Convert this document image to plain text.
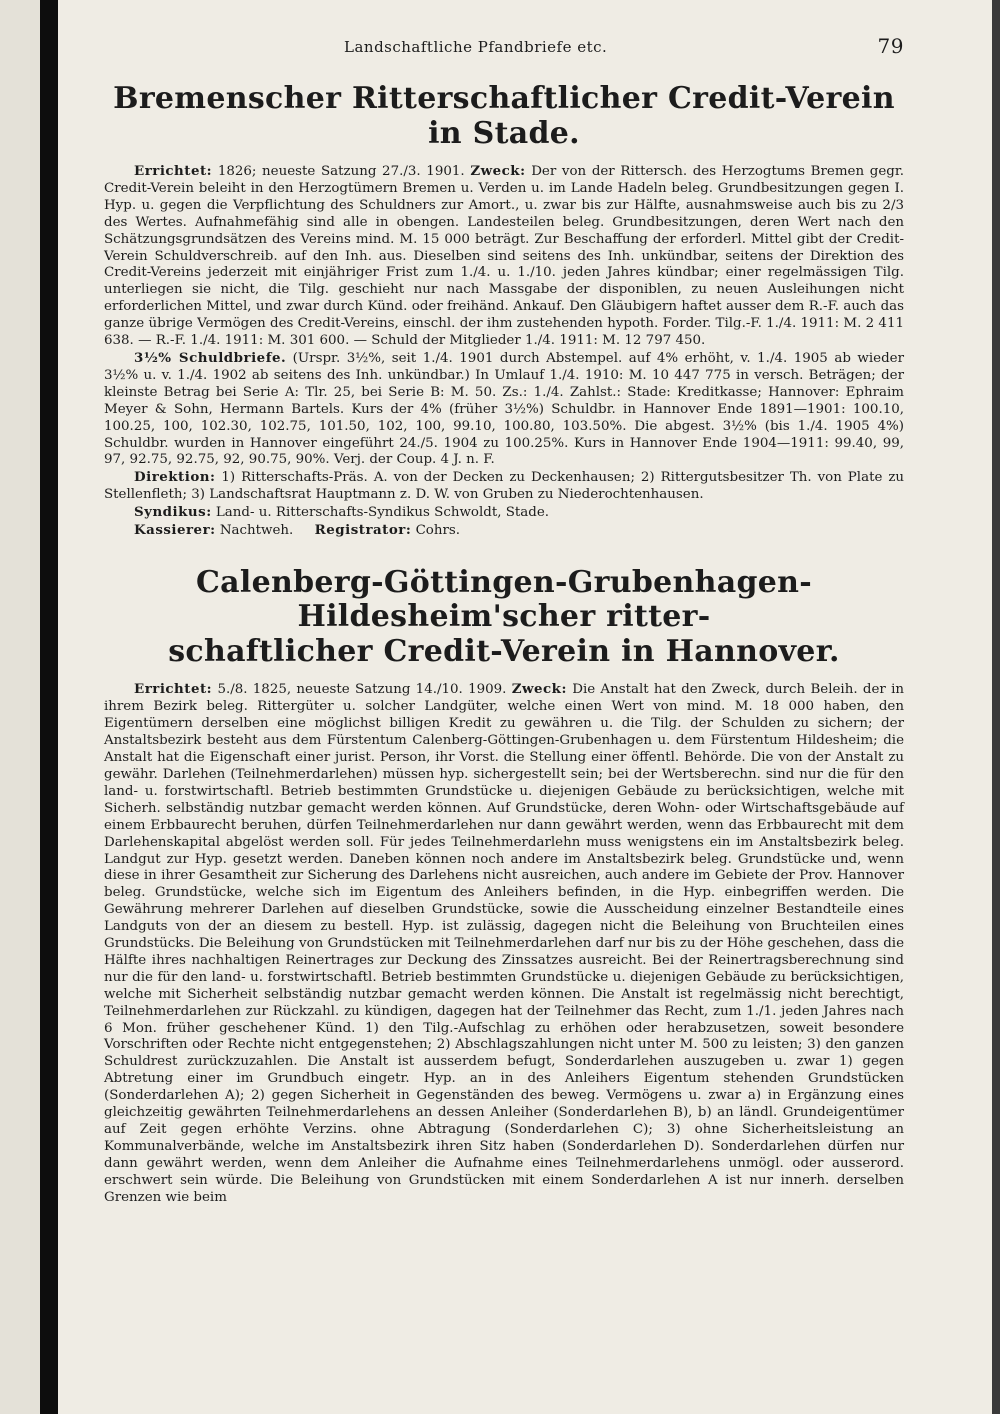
Landschaftliche Pfandbriefe etc.	79
Bremenscher Ritterschaftlicher Credit-Verein in Stade.

Errichtet: 1826; neueste Satzung 27./3. 1901. Zweck: Der von der Rittersch. des Herzogtums Bremen gegr. Credit-Verein beleiht in den Herzogtümern Bremen u. Verden u. im Lande Hadeln beleg. Grundbesitzungen gegen I. Hyp. u. gegen die Verpflichtung des Schuldners zur Amort., u. zwar bis zur Hälfte, ausnahmsweise auch bis zu 2/3 des Wertes. Aufnahmefähig sind alle in obengen. Landesteilen beleg. Grundbesitzungen, deren Wert nach den Schätzungsgrundsätzen des Vereins mind. M. 15 000 beträgt. Zur Beschaffung der erforderl. Mittel gibt der Credit-Verein Schuldverschreib. auf den Inh. aus. Dieselben sind seitens des Inh. unkündbar, seitens der Direktion des Credit-Vereins jederzeit mit einjähriger Frist zum 1./4. u. 1./10. jeden Jahres kündbar; einer regelmässigen Tilg. unterliegen sie nicht, die Tilg. geschieht nur nach Massgabe der disponiblen, zu neuen Ausleihungen nicht erforderlichen Mittel, und zwar durch Künd. oder freihänd. Ankauf. Den Gläubigern haftet ausser dem R.-F. auch das ganze übrige Vermögen des Credit-Vereins, einschl. der ihm zustehenden hypoth. Forder. Tilg.-F. 1./4. 1911: M. 2 411 638. — R.-F. 1./4. 1911: M. 301 600. — Schuld der Mitglieder 1./4. 1911: M. 12 797 450.

3½% Schuldbriefe. (Urspr. 3½%, seit 1./4. 1901 durch Abstempel. auf 4% erhöht, v. 1./4. 1905 ab wieder 3½% u. v. 1./4. 1902 ab seitens des Inh. unkündbar.) In Umlauf 1./4. 1910: M. 10 447 775 in versch. Beträgen; der kleinste Betrag bei Serie A: Tlr. 25, bei Serie B: M. 50. Zs.: 1./4. Zahlst.: Stade: Kreditkasse; Hannover: Ephraim Meyer & Sohn, Hermann Bartels. Kurs der 4% (früher 3½%) Schuldbr. in Hannover Ende 1891—1901: 100.10, 100.25, 100, 102.30, 102.75, 101.50, 102, 100, 99.10, 100.80, 103.50%. Die abgest. 3½% (bis 1./4. 1905 4%) Schuldbr. wurden in Hannover eingeführt 24./5. 1904 zu 100.25%. Kurs in Hannover Ende 1904—1911: 99.40, 99, 97, 92.75, 92.75, 92, 90.75, 90%. Verj. der Coup. 4 J. n. F.

Direktion: 1) Ritterschafts-Präs. A. von der Decken zu Deckenhausen; 2) Rittergutsbesitzer Th. von Plate zu Stellenfleth; 3) Landschaftsrat Hauptmann z. D. W. von Gruben zu Niederochtenhausen.

Syndikus: Land- u. Ritterschafts-Syndikus Schwoldt, Stade.
Kassierer: Nachtweh. Registrator: Cohrs.
Calenberg-Göttingen-Grubenhagen-Hildesheim'scher ritter-
schaftlicher Credit-Verein in Hannover.

Errichtet: 5./8. 1825, neueste Satzung 14./10. 1909. Zweck: Die Anstalt hat den Zweck, durch Beleih. der in ihrem Bezirk beleg. Rittergüter u. solcher Landgüter, welche einen Wert von mind. M. 18 000 haben, den Eigentümern derselben eine möglichst billigen Kredit zu gewähren u. die Tilg. der Schulden zu sichern; der Anstaltsbezirk besteht aus dem Fürstentum Calenberg-Göttingen-Grubenhagen u. dem Fürstentum Hildesheim; die Anstalt hat die Eigenschaft einer jurist. Person, ihr Vorst. die Stellung einer öffentl. Behörde. Die von der Anstalt zu gewähr. Darlehen (Teilnehmerdarlehen) müssen hyp. sichergestellt sein; bei der Wertsberechn. sind nur die für den land- u. forstwirtschaftl. Betrieb bestimmten Grundstücke u. diejenigen Gebäude zu berücksichtigen, welche mit Sicherh. selbständig nutzbar gemacht werden können. Auf Grundstücke, deren Wohn- oder Wirtschaftsgebäude auf einem Erbbaurecht beruhen, dürfen Teilnehmerdarlehen nur dann gewährt werden, wenn das Erbbaurecht mit dem Darlehenskapital abgelöst werden soll. Für jedes Teilnehmerdarlehn muss wenigstens ein im Anstaltsbezirk beleg. Landgut zur Hyp. gesetzt werden. Daneben können noch andere im Anstaltsbezirk beleg. Grundstücke und, wenn diese in ihrer Gesamtheit zur Sicherung des Darlehens nicht ausreichen, auch andere im Gebiete der Prov. Hannover beleg. Grundstücke, welche sich im Eigentum des Anleihers befinden, in die Hyp. einbegriffen werden. Die Gewährung mehrerer Darlehen auf dieselben Grundstücke, sowie die Ausscheidung einzelner Bestandteile eines Landguts von der an diesem zu bestell. Hyp. ist zulässig, dagegen nicht die Beleihung von Bruchteilen eines Grundstücks. Die Beleihung von Grundstücken mit Teilnehmerdarlehen darf nur bis zu der Höhe geschehen, dass die Hälfte ihres nachhaltigen Reinertrages zur Deckung des Zinssatzes ausreicht. Bei der Reinertragsberechnung sind nur die für den land- u. forstwirtschaftl. Betrieb bestimmten Grundstücke u. diejenigen Gebäude zu berücksichtigen, welche mit Sicherheit selbständig nutzbar gemacht werden können. Die Anstalt ist regelmässig nicht berechtigt, Teilnehmerdarlehen zur Rückzahl. zu kündigen, dagegen hat der Teilnehmer das Recht, zum 1./1. jeden Jahres nach 6 Mon. früher geschehener Künd. 1) den Tilg.-Aufschlag zu erhöhen oder herabzusetzen, soweit besondere Vorschriften oder Rechte nicht entgegenstehen; 2) Abschlagszahlungen nicht unter M. 500 zu leisten; 3) den ganzen Schuldrest zurückzuzahlen. Die Anstalt ist ausserdem befugt, Sonderdarlehen auszugeben u. zwar 1) gegen Abtretung einer im Grundbuch eingetr. Hyp. an in des Anleihers Eigentum stehenden Grundstücken (Sonderdarlehen A); 2) gegen Sicherheit in Gegenständen des beweg. Vermögens u. zwar a) in Ergänzung eines gleichzeitig gewährten Teilnehmerdarlehens an dessen Anleiher (Sonderdarlehen B), b) an ländl. Grundeigentümer auf Zeit gegen erhöhte Verzins. ohne Abtragung (Sonderdarlehen C); 3) ohne Sicherheitsleistung an Kommunalverbände, welche im Anstaltsbezirk ihren Sitz haben (Sonderdarlehen D). Sonderdarlehen dürfen nur dann gewährt werden, wenn dem Anleiher die Aufnahme eines Teilnehmerdarlehens unmögl. oder ausserord. erschwert sein würde. Die Beleihung von Grundstücken mit einem Sonderdarlehen A ist nur innerh. derselben Grenzen wie beim
